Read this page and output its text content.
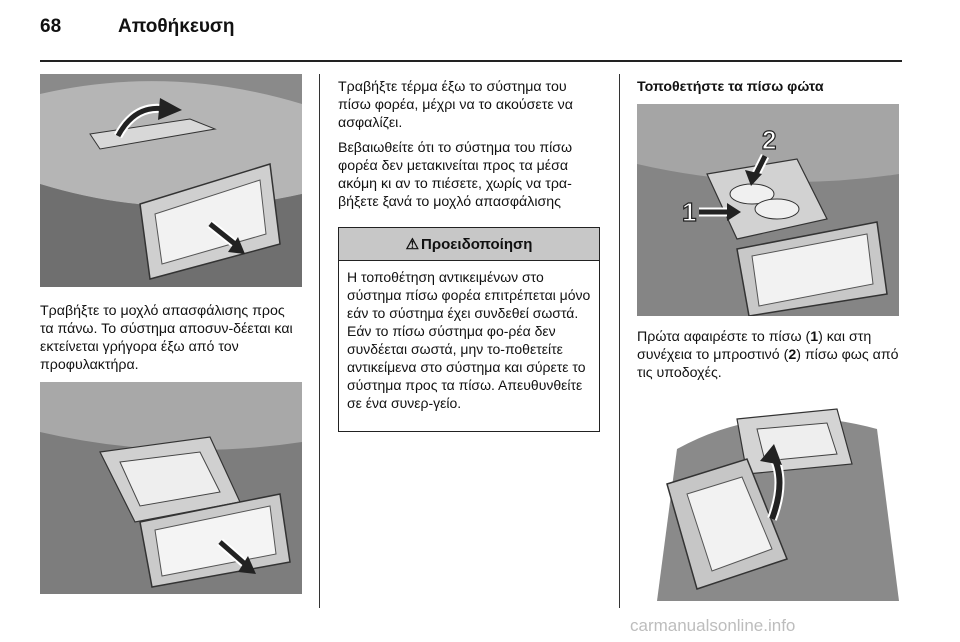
68	Αποθήκευση

Τραβήξτε το μοχλό απασφάλισης προς τα πάνω. Το σύστημα αποσυν-δέεται και εκτείνεται γρήγορα έξω από τον προφυλακτήρα.

Τραβήξτε τέρμα έξω το σύστημα του πίσω φορέα, μέχρι να το ακούσετε να ασφαλίζει.

Βεβαιωθείτε ότι το σύστημα του πίσω φορέα δεν μετακινείται προς τα μέσα ακόμη κι αν το πιέσετε, χωρίς να τρα-βήξετε ξανά το μοχλό απασφάλισης

⚠ Προειδοποίηση
Η τοποθέτηση αντικειμένων στο σύστημα πίσω φορέα επιτρέπεται μόνο εάν το σύστημα έχει συνδεθεί σωστά. Εάν το πίσω σύστημα φο-ρέα δεν συνδέεται σωστά, μην το-ποθετείτε αντικείμενα στο σύστημα και σύρετε το σύστημα προς τα πίσω. Απευθυνθείτε σε ένα συνερ-γείο.

Τοποθετήστε τα πίσω φώτα

1
2

Πρώτα αφαιρέστε το πίσω (1) και στη συνέχεια το μπροστινό (2) πίσω φως από τις υποδοχές.

carmanualsonline.info
